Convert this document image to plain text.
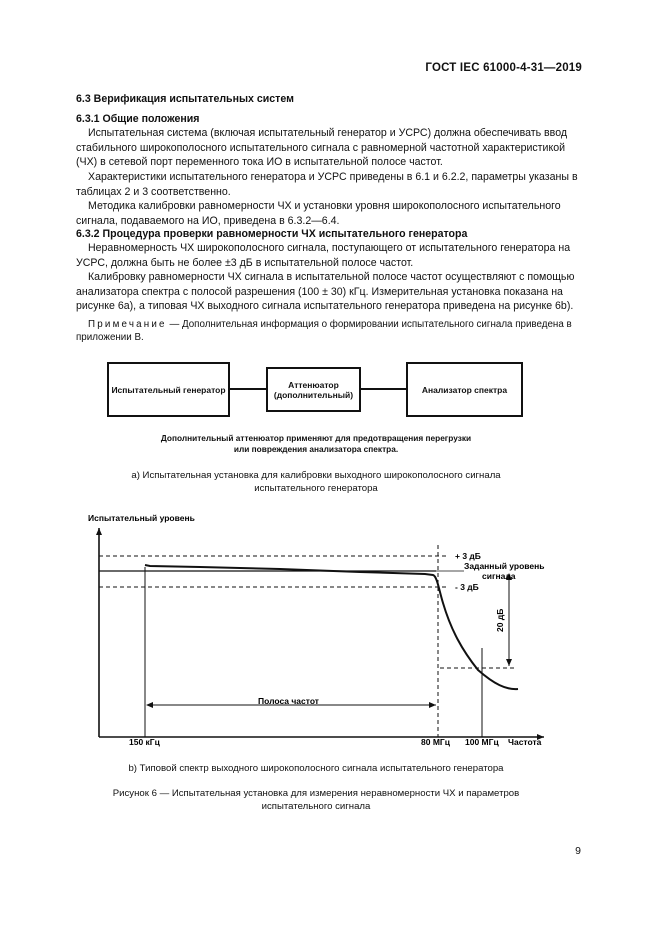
ГОСТ IEC 61000-4-31—2019
6.3 Верификация испытательных систем
6.3.1 Общие положения
Испытательная система (включая испытательный генератор и УСРС) должна обеспечивать ввод стабильного широкополосного испытательного сигнала с равномерной частотной характеристикой (ЧХ) в сетевой порт переменного тока ИО в испытательной полосе частот.
Характеристики испытательного генератора и УСРС приведены в 6.1 и 6.2.2, параметры указаны в таблицах 2 и 3 соответственно.
Методика калибровки равномерности ЧХ и установки уровня широкополосного испытательного сигнала, подаваемого на ИО, приведена в 6.3.2—6.4.
6.3.2 Процедура проверки равномерности ЧХ испытательного генератора
Неравномерность ЧХ широкополосного сигнала, поступающего от испытательного генератора на УСРС, должна быть не более ±3 дБ в испытательной полосе частот.
Калибровку равномерности ЧХ сигнала в испытательной полосе частот осуществляют с помощью анализатора спектра с полосой разрешения (100 ± 30) кГц. Измерительная установка показана на рисунке 6a), а типовая ЧХ выходного сигнала испытательного генератора приведена на рисунке 6b).
Примечание — Дополнительная информация о формировании испытательного сигнала приведена в приложении В.
Испытательный генератор	Аттенюатор (дополнительный)	Анализатор спектра
Дополнительный аттенюатор применяют для предотвращения перегрузки
или повреждения анализатора спектра.
a) Испытательная установка для калибровки выходного широкополосного сигнала
испытательного генератора
Испытательный уровень
20 дБ
Полоса частот
+ 3 дБ
Заданный уровень
сигнала
- 3 дБ
150 кГц	80 МГц 100 МГц Частота
b) Типовой спектр выходного широкополосного сигнала испытательного генератора
Рисунок 6 — Испытательная установка для измерения неравномерности ЧХ и параметров
испытательного сигнала
9
